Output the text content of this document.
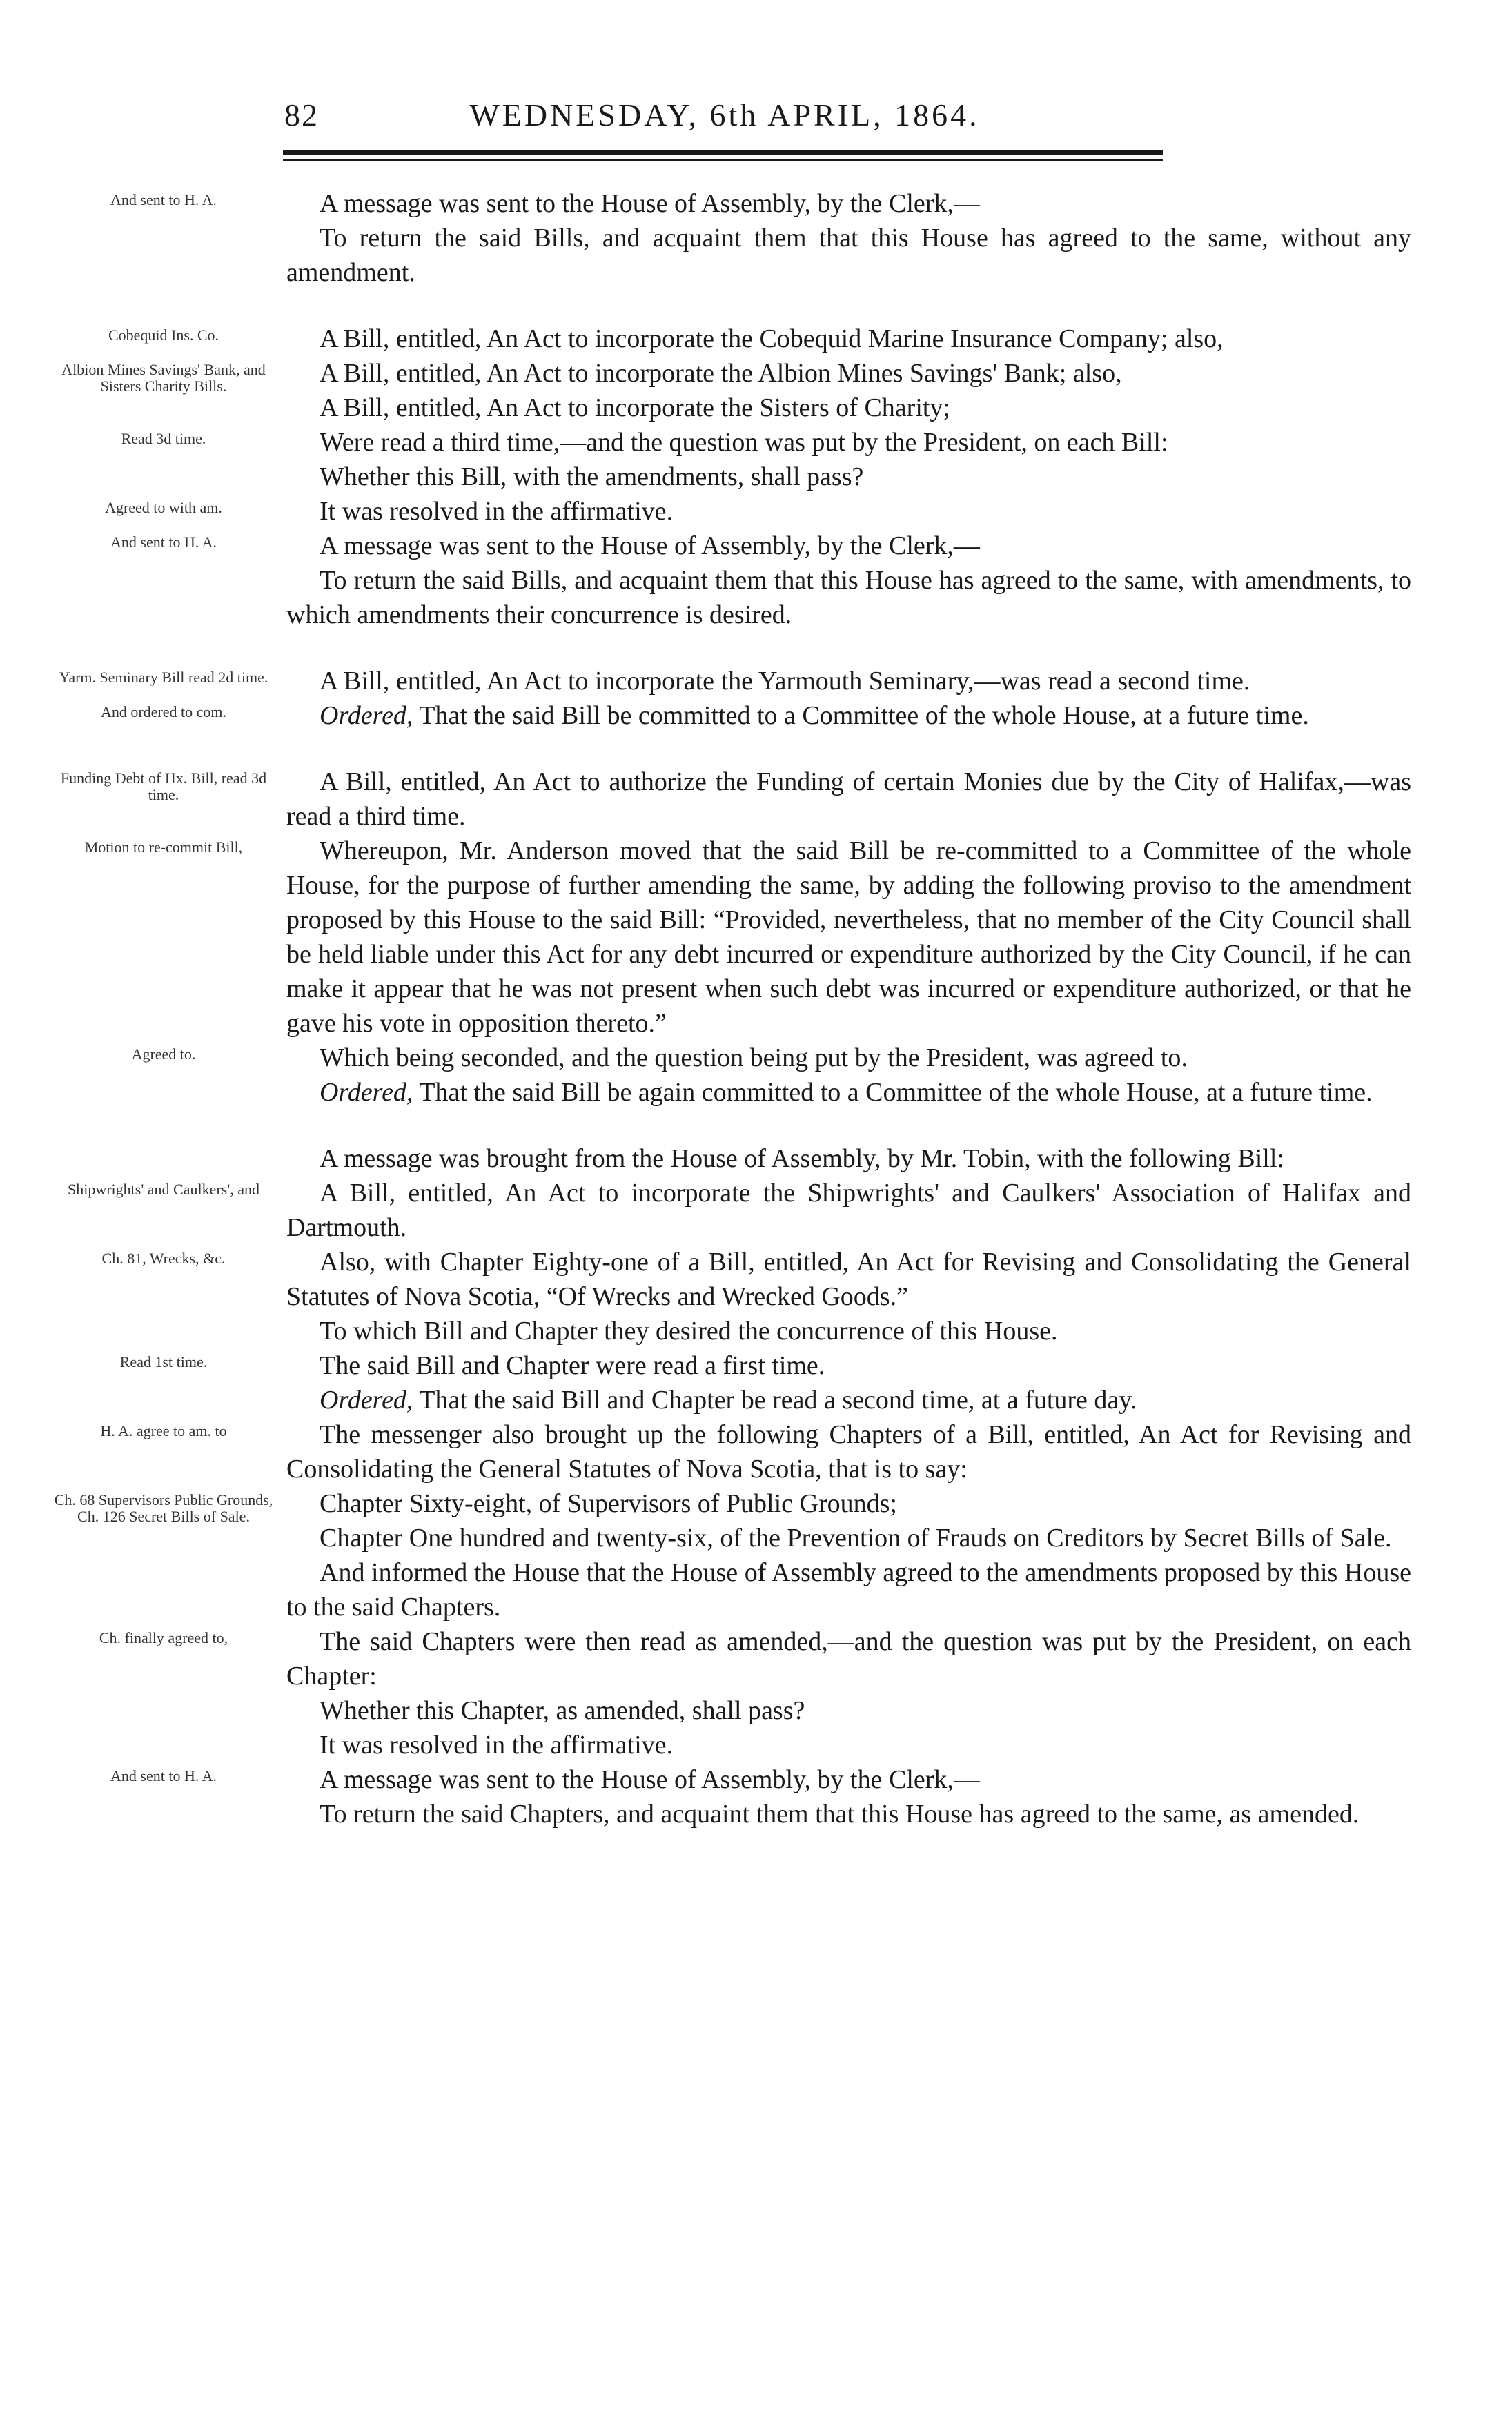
82	WEDNESDAY, 6th APRIL, 1864.
And sent to H. A.	A message was sent to the House of Assembly, by the Clerk,—
To return the said Bills, and acquaint them that this House has agreed to the same, without any amendment.
Cobequid Ins. Co.	A Bill, entitled, An Act to incorporate the Cobequid Marine Insurance Company; also,
Albion Mines Savings' Bank, and Sisters Charity Bills.	A Bill, entitled, An Act to incorporate the Albion Mines Savings' Bank; also,
A Bill, entitled, An Act to incorporate the Sisters of Charity;
Read 3d time.	Were read a third time,—and the question was put by the President, on each Bill:
Whether this Bill, with the amendments, shall pass?
Agreed to with am.	It was resolved in the affirmative.
And sent to H. A.	A message was sent to the House of Assembly, by the Clerk,—
To return the said Bills, and acquaint them that this House has agreed to the same, with amendments, to which amendments their concurrence is desired.
Yarm. Seminary Bill read 2d time.	A Bill, entitled, An Act to incorporate the Yarmouth Seminary,—was read a second time.
And ordered to com.	Ordered, That the said Bill be committed to a Committee of the whole House, at a future time.
Funding Debt of Hx. Bill, read 3d time.	A Bill, entitled, An Act to authorize the Funding of certain Monies due by the City of Halifax,—was read a third time.
Motion to re-commit Bill,	Whereupon, Mr. Anderson moved that the said Bill be re-committed to a Committee of the whole House, for the purpose of further amending the same, by adding the following proviso to the amendment proposed by this House to the said Bill: “Provided, nevertheless, that no member of the City Council shall be held liable under this Act for any debt incurred or expenditure authorized by the City Council, if he can make it appear that he was not present when such debt was incurred or expenditure authorized, or that he gave his vote in opposition thereto.”
Agreed to.	Which being seconded, and the question being put by the President, was agreed to.
Ordered, That the said Bill be again committed to a Committee of the whole House, at a future time.
A message was brought from the House of Assembly, by Mr. Tobin, with the following Bill:
Shipwrights' and Caulkers', and	A Bill, entitled, An Act to incorporate the Shipwrights' and Caulkers' Association of Halifax and Dartmouth.
Ch. 81, Wrecks, &c.	Also, with Chapter Eighty-one of a Bill, entitled, An Act for Revising and Consolidating the General Statutes of Nova Scotia, “Of Wrecks and Wrecked Goods.”
To which Bill and Chapter they desired the concurrence of this House.
Read 1st time.	The said Bill and Chapter were read a first time.
Ordered, That the said Bill and Chapter be read a second time, at a future day.
H. A. agree to am. to	The messenger also brought up the following Chapters of a Bill, entitled, An Act for Revising and Consolidating the General Statutes of Nova Scotia, that is to say:
Ch. 68 Supervisors Public Grounds, Ch. 126 Secret Bills of Sale.	Chapter Sixty-eight, of Supervisors of Public Grounds;
Chapter One hundred and twenty-six, of the Prevention of Frauds on Creditors by Secret Bills of Sale.
And informed the House that the House of Assembly agreed to the amendments proposed by this House to the said Chapters.
Ch. finally agreed to,	The said Chapters were then read as amended,—and the question was put by the President, on each Chapter:
Whether this Chapter, as amended, shall pass?
It was resolved in the affirmative.
And sent to H. A.	A message was sent to the House of Assembly, by the Clerk,—
To return the said Chapters, and acquaint them that this House has agreed to the same, as amended.
